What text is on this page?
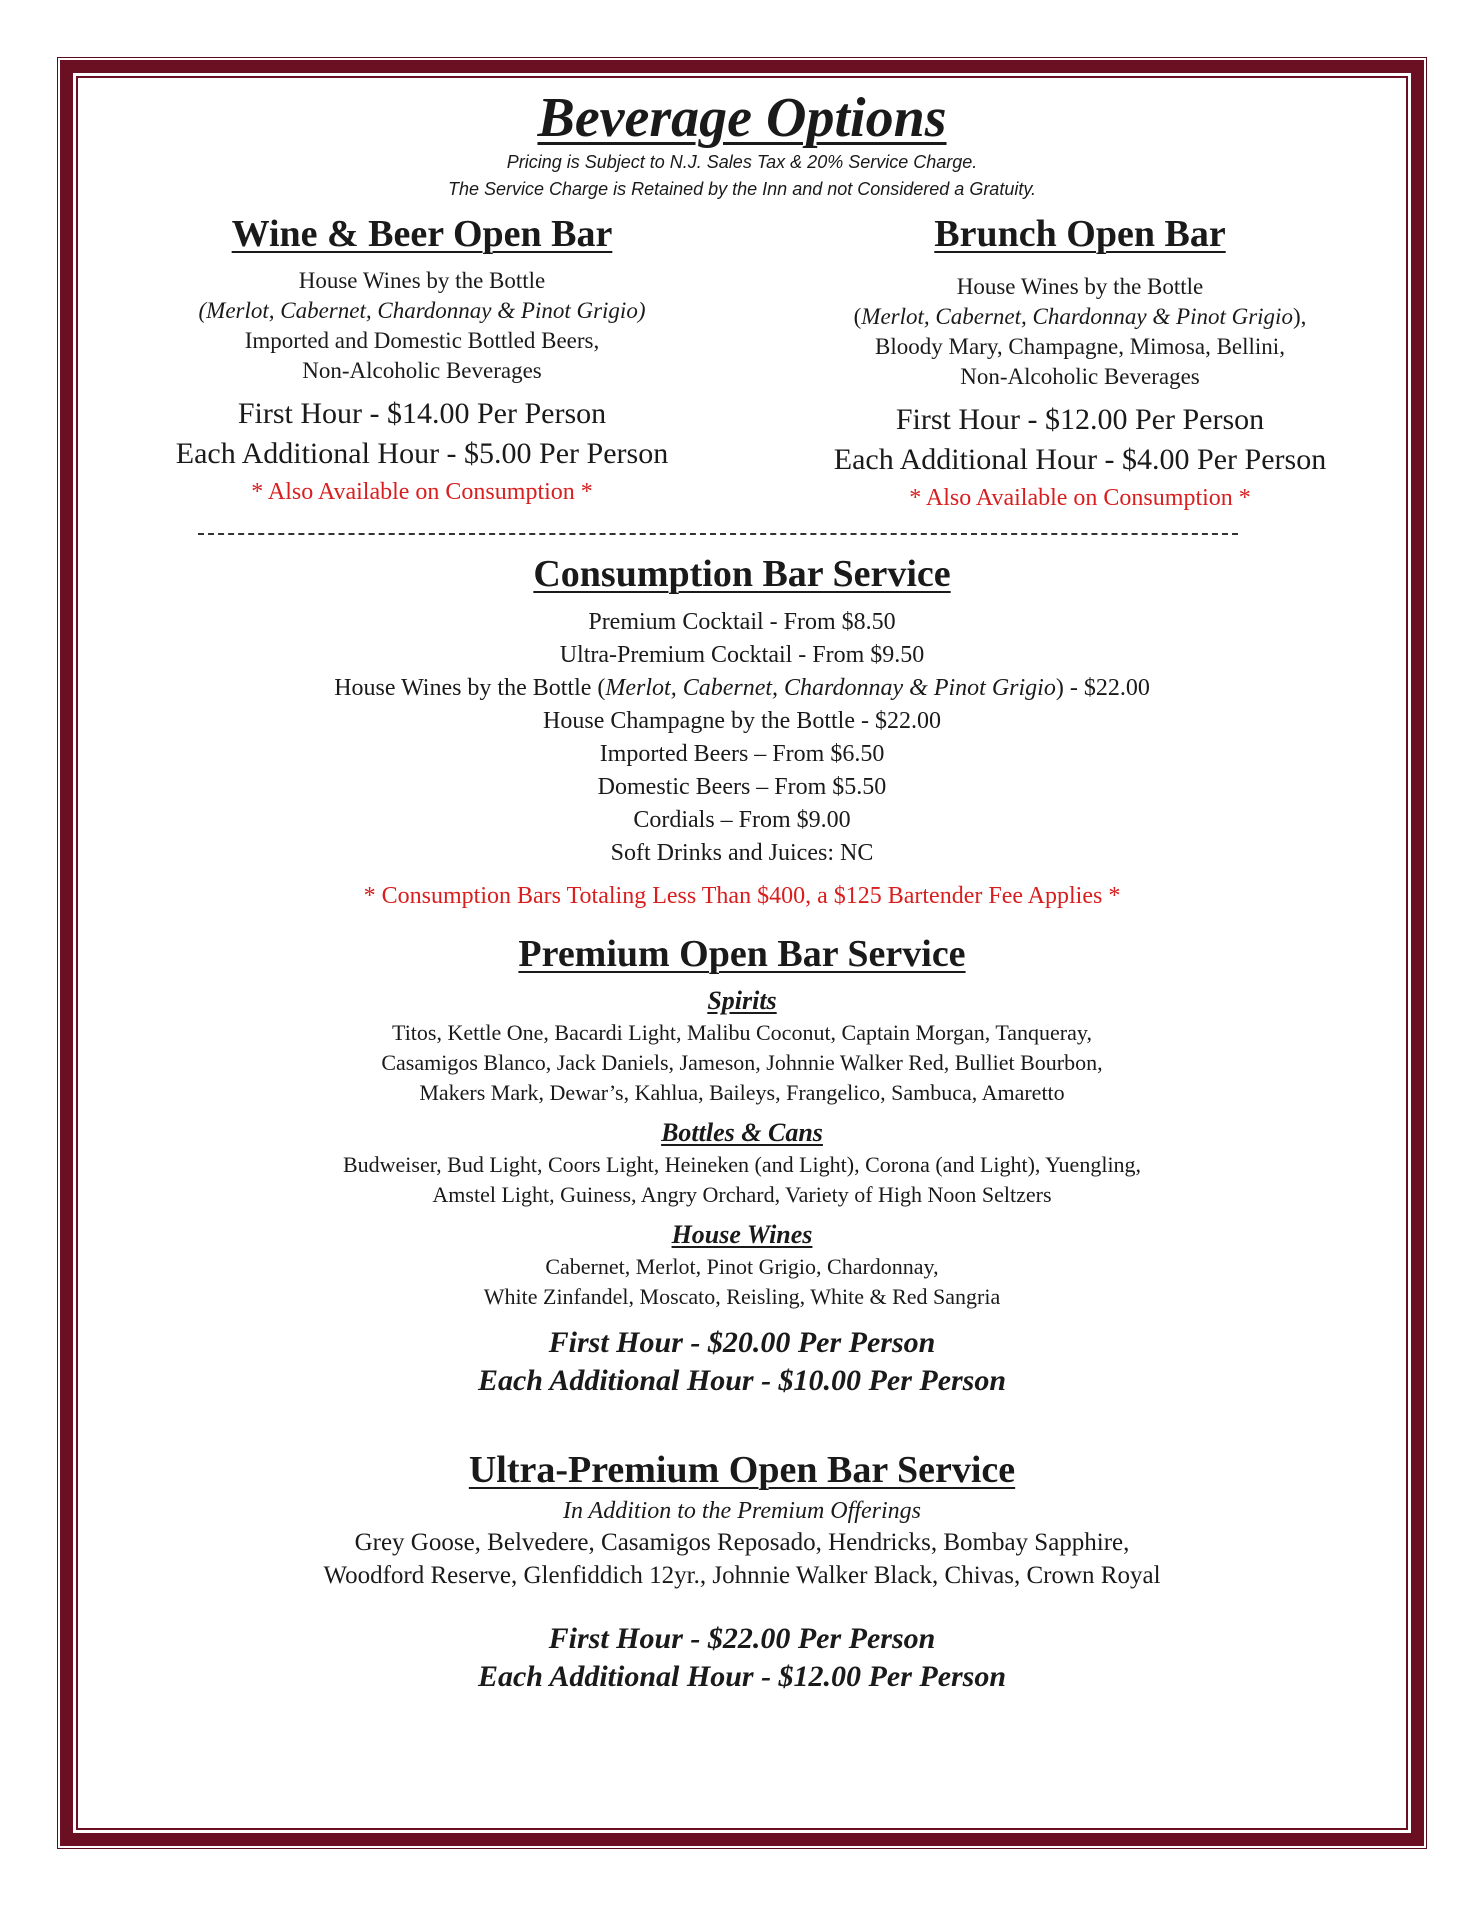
Beverage Options
Pricing is Subject to N.J. Sales Tax & 20% Service Charge.
The Service Charge is Retained by the Inn and not Considered a Gratuity.
Wine & Beer Open Bar
House Wines by the Bottle
(Merlot, Cabernet, Chardonnay & Pinot Grigio)
Imported and Domestic Bottled Beers,
Non-Alcoholic Beverages
First Hour - $14.00 Per Person
Each Additional Hour - $5.00 Per Person
* Also Available on Consumption *
Brunch Open Bar
House Wines by the Bottle
(Merlot, Cabernet, Chardonnay & Pinot Grigio),
Bloody Mary, Champagne, Mimosa, Bellini,
Non-Alcoholic Beverages
First Hour - $12.00 Per Person
Each Additional Hour - $4.00 Per Person
* Also Available on Consumption *
Consumption Bar Service
Premium Cocktail - From $8.50
Ultra-Premium Cocktail - From $9.50
House Wines by the Bottle (Merlot, Cabernet, Chardonnay & Pinot Grigio) - $22.00
House Champagne by the Bottle - $22.00
Imported Beers – From $6.50
Domestic Beers – From $5.50
Cordials – From $9.00
Soft Drinks and Juices: NC
* Consumption Bars Totaling Less Than $400, a $125 Bartender Fee Applies *
Premium Open Bar Service
Spirits
Titos, Kettle One, Bacardi Light, Malibu Coconut, Captain Morgan, Tanqueray,
Casamigos Blanco, Jack Daniels, Jameson, Johnnie Walker Red, Bulliet Bourbon,
Makers Mark, Dewar’s, Kahlua, Baileys, Frangelico, Sambuca, Amaretto
Bottles & Cans
Budweiser, Bud Light, Coors Light, Heineken (and Light), Corona (and Light), Yuengling,
Amstel Light, Guiness, Angry Orchard, Variety of High Noon Seltzers
House Wines
Cabernet, Merlot, Pinot Grigio, Chardonnay,
White Zinfandel, Moscato, Reisling, White & Red Sangria
First Hour - $20.00 Per Person
Each Additional Hour - $10.00 Per Person
Ultra-Premium Open Bar Service
In Addition to the Premium Offerings
Grey Goose, Belvedere, Casamigos Reposado, Hendricks, Bombay Sapphire,
Woodford Reserve, Glenfiddich 12yr., Johnnie Walker Black, Chivas, Crown Royal
First Hour - $22.00 Per Person
Each Additional Hour - $12.00 Per Person
